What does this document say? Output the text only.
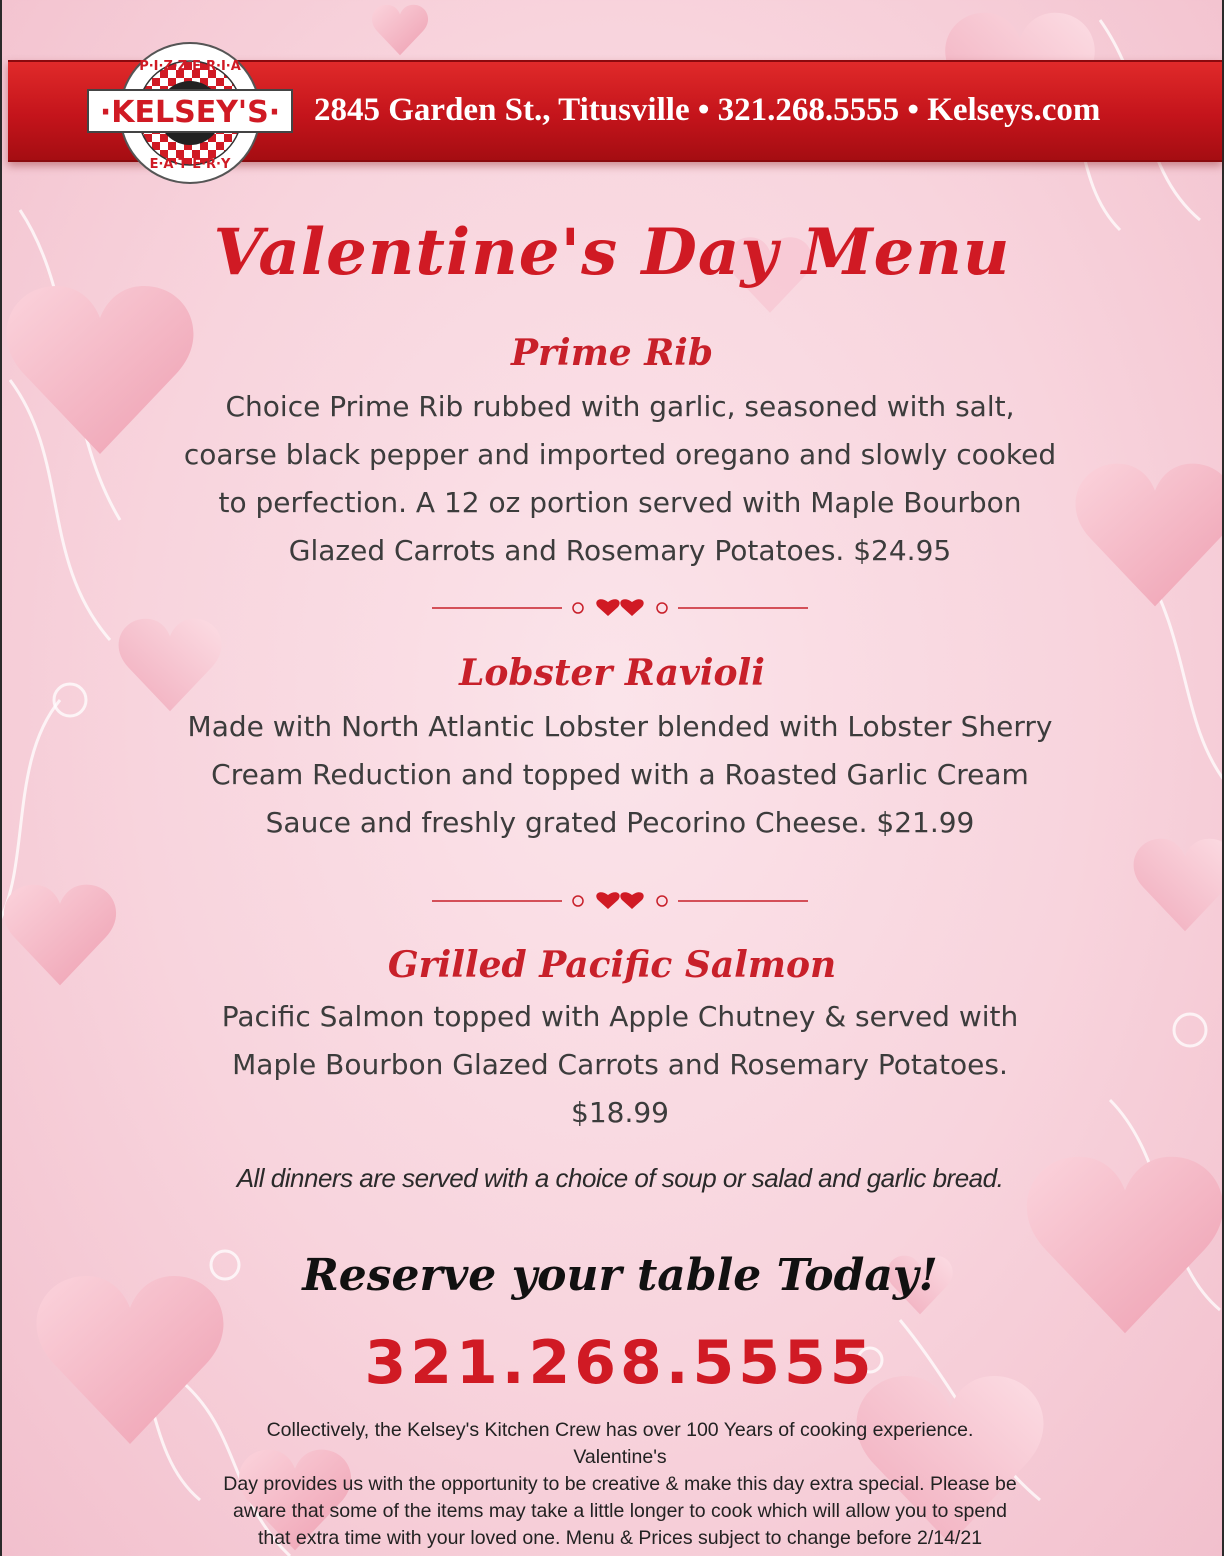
·KELSEY'S·
P·I·Z·Z·E·R·I·A
E·A·T·E·R·Y
2845 Garden St., Titusville • 321.268.5555 • Kelseys.com
Valentine's Day Menu
Prime Rib
Choice Prime Rib rubbed with garlic, seasoned with salt,
coarse black pepper and imported oregano and slowly cooked
to perfection. A 12 oz portion served with Maple Bourbon
Glazed Carrots and Rosemary Potatoes. $24.95
Lobster Ravioli
Made with North Atlantic Lobster blended with Lobster Sherry
Cream Reduction and topped with a Roasted Garlic Cream
Sauce and freshly grated Pecorino Cheese. $21.99
Grilled Pacific Salmon
Pacific Salmon topped with Apple Chutney & served with
Maple Bourbon Glazed Carrots and Rosemary Potatoes.
$18.99
All dinners are served with a choice of soup or salad and garlic bread.
Reserve your table Today!
321.268.5555
Collectively, the Kelsey's Kitchen Crew has over 100 Years of cooking experience. Valentine's
Day provides us with the opportunity to be creative & make this day extra special. Please be
aware that some of the items may take a little longer to cook which will allow you to spend
that extra time with your loved one. Menu & Prices subject to change before 2/14/21
